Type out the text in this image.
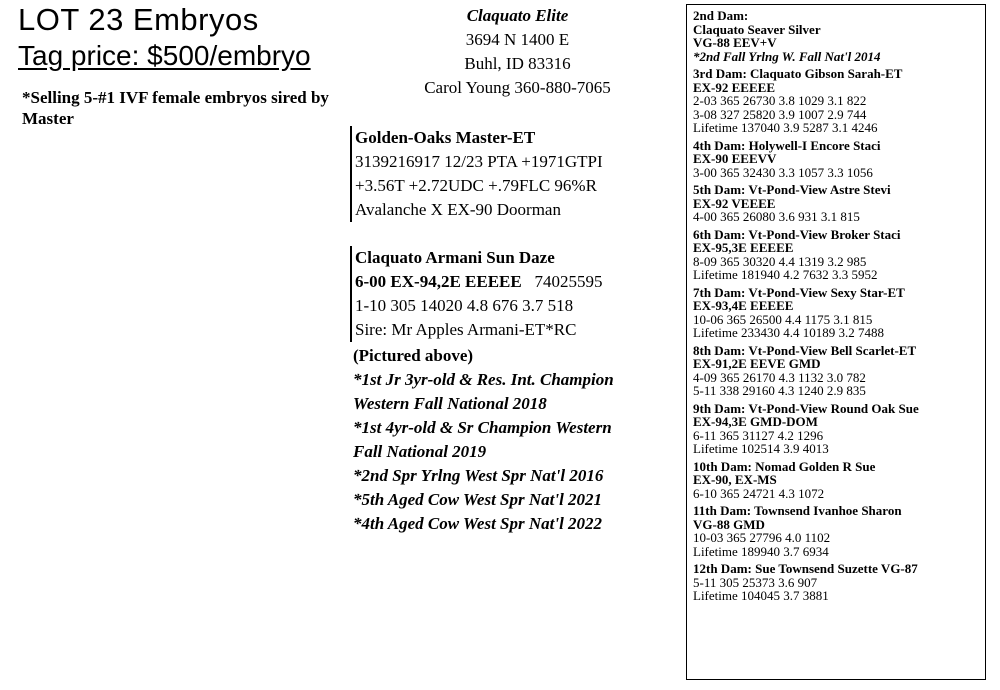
LOT 23 Embryos
Tag price: $500/embryo
*Selling 5-#1 IVF female embryos sired by Master
Claquato Elite
3694 N 1400 E
Buhl, ID 83316
Carol Young 360-880-7065
Golden-Oaks Master-ET
3139216917 12/23 PTA +1971GTPI
+3.56T +2.72UDC +.79FLC 96%R
Avalanche X EX-90 Doorman
Claquato Armani Sun Daze
6-00 EX-94,2E EEEEE 74025595
1-10 305 14020 4.8 676 3.7 518
Sire: Mr Apples Armani-ET*RC
(Pictured above)
*1st Jr 3yr-old & Res. Int. Champion
Western Fall National 2018
*1st 4yr-old & Sr Champion Western
Fall National 2019
*2nd Spr Yrlng West Spr Nat'l 2016
*5th Aged Cow West Spr Nat'l 2021
*4th Aged Cow West Spr Nat'l 2022
2nd Dam:
Claquato Seaver Silver
VG-88 EEV+V
*2nd Fall Yrlng W. Fall Nat'l 2014
3rd Dam: Claquato Gibson Sarah-ET
EX-92 EEEEE
2-03 365 26730 3.8 1029 3.1 822
3-08 327 25820 3.9 1007 2.9 744
Lifetime 137040 3.9 5287 3.1 4246
4th Dam: Holywell-I Encore Staci
EX-90 EEEVV
3-00 365 32430 3.3 1057 3.3 1056
5th Dam: Vt-Pond-View Astre Stevi
EX-92 VEEEE
4-00 365 26080 3.6 931 3.1 815
6th Dam: Vt-Pond-View Broker Staci
EX-95,3E EEEEE
8-09 365 30320 4.4 1319 3.2 985
Lifetime 181940 4.2 7632 3.3 5952
7th Dam: Vt-Pond-View Sexy Star-ET
EX-93,4E EEEEE
10-06 365 26500 4.4 1175 3.1 815
Lifetime 233430 4.4 10189 3.2 7488
8th Dam: Vt-Pond-View Bell Scarlet-ET
EX-91,2E EEVE GMD
4-09 365 26170 4.3 1132 3.0 782
5-11 338 29160 4.3 1240 2.9 835
9th Dam: Vt-Pond-View Round Oak Sue
EX-94,3E GMD-DOM
6-11 365 31127 4.2 1296
Lifetime 102514 3.9 4013
10th Dam: Nomad Golden R Sue
EX-90, EX-MS
6-10 365 24721 4.3 1072
11th Dam: Townsend Ivanhoe Sharon
VG-88 GMD
10-03 365 27796 4.0 1102
Lifetime 189940 3.7 6934
12th Dam: Sue Townsend Suzette VG-87
5-11 305 25373 3.6 907
Lifetime 104045 3.7 3881
